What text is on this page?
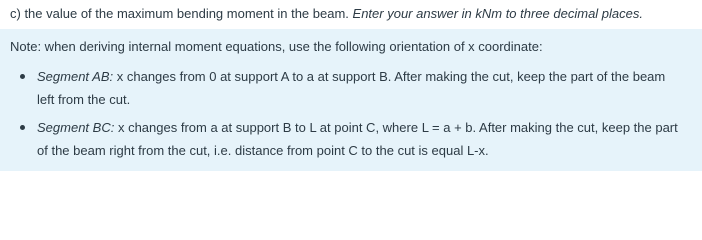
c) the value of the maximum bending moment in the beam. Enter your answer in kNm to three decimal places.
Note: when deriving internal moment equations, use the following orientation of x coordinate:
Segment AB: x changes from 0 at support A to a at support B. After making the cut, keep the part of the beam left from the cut.
Segment BC: x changes from a at support B to L at point C, where L = a + b. After making the cut, keep the part of the beam right from the cut, i.e. distance from point C to the cut is equal L-x.
